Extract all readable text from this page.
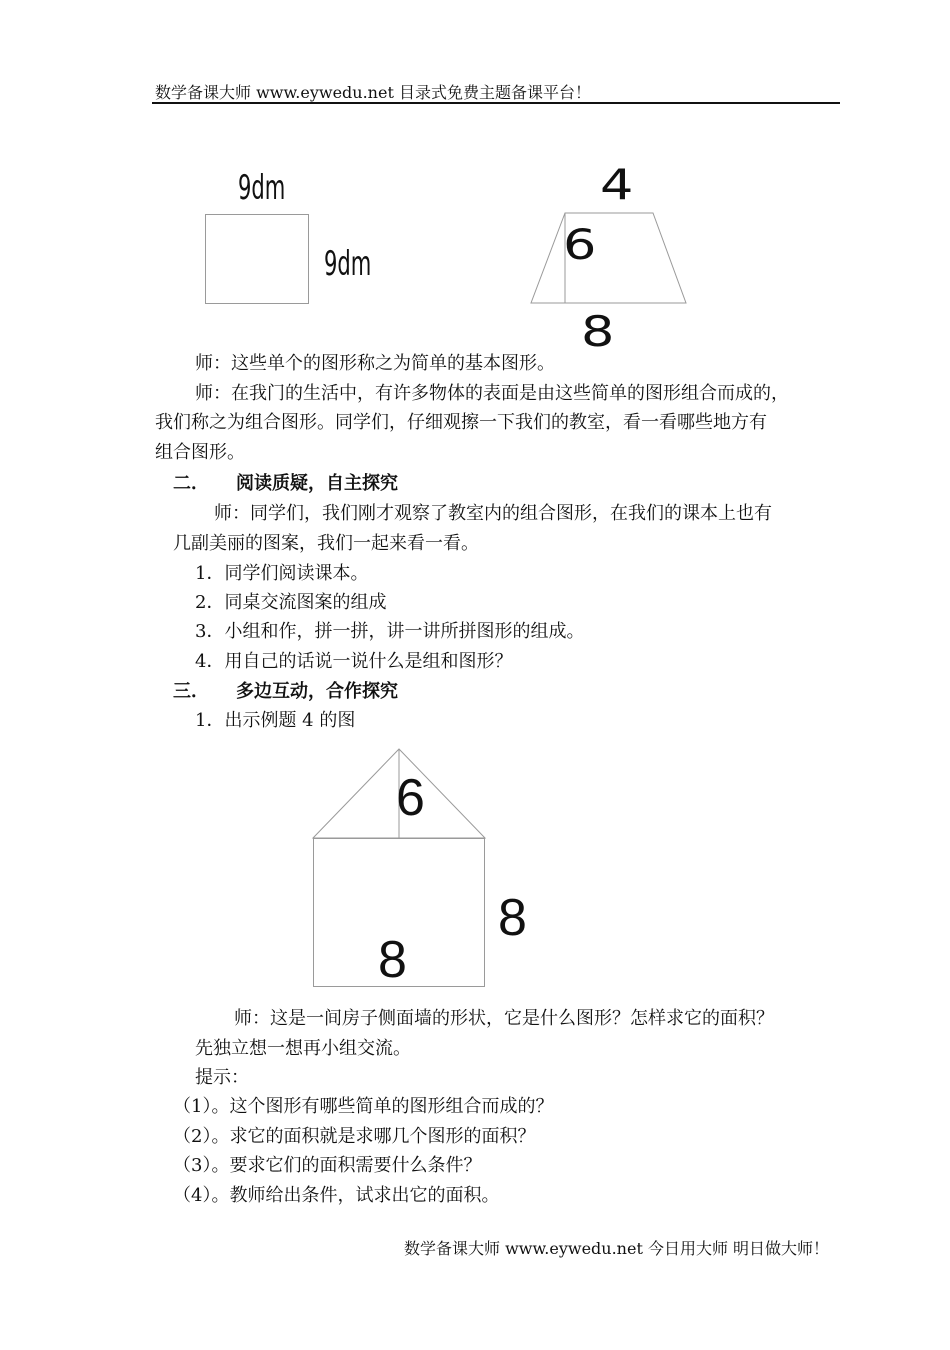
数学备课大师 www.eywedu.net 目录式免费主题备课平台！
9dm
9dm
4
6
8
师：这些单个的图形称之为简单的基本图形。
师：在我门的生活中，有许多物体的表面是由这些简单的图形组合而成的，
我们称之为组合图形。同学们，仔细观擦一下我们的教室，看一看哪些地方有
组合图形。
二． 阅读质疑，自主探究
师：同学们，我们刚才观察了教室内的组合图形，在我们的课本上也有
几副美丽的图案，我们一起来看一看。
1．同学们阅读课本。
2．同桌交流图案的组成
3．小组和作，拼一拼，讲一讲所拼图形的组成。
4．用自己的话说一说什么是组和图形？
三． 多边互动，合作探究
1．出示例题 4 的图
6
8
8
师：这是一间房子侧面墙的形状，它是什么图形？怎样求它的面积？
先独立想一想再小组交流。
提示：
（1）。这个图形有哪些简单的图形组合而成的？
（2）。求它的面积就是求哪几个图形的面积？
（3）。要求它们的面积需要什么条件？
（4）。教师给出条件，试求出它的面积。
数学备课大师 www.eywedu.net 今日用大师 明日做大师！
